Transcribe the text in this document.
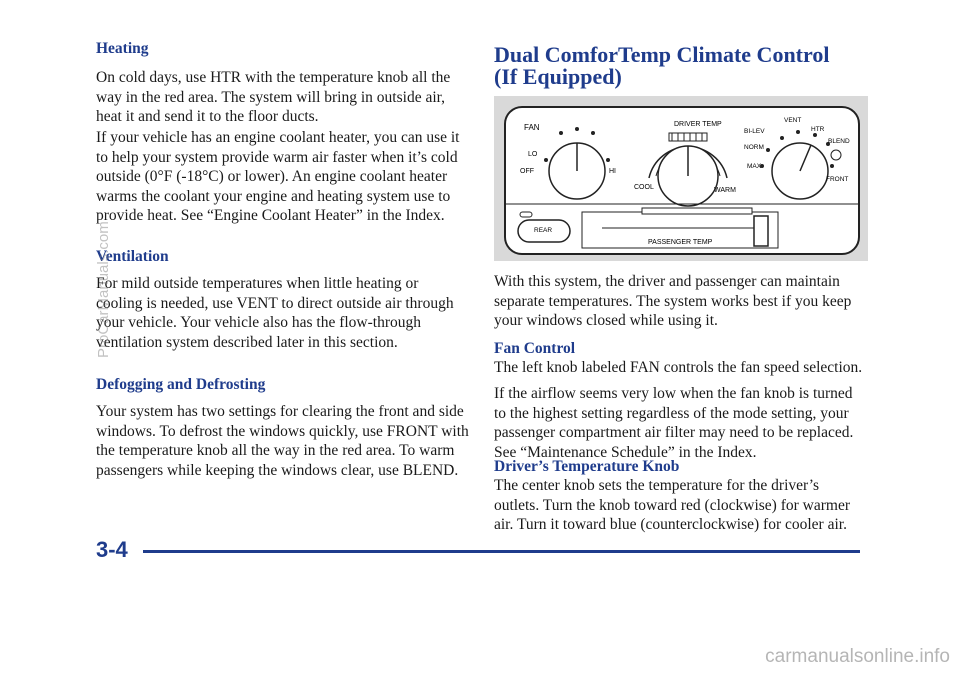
Heating

On cold days, use HTR with the temperature knob all the way in the red area. The system will bring in outside air, heat it and send it to the floor ducts.

If your vehicle has an engine coolant heater, you can use it to help your system provide warm air faster when it’s cold outside (0°F (-18°C) or lower). An engine coolant heater warms the coolant your engine and heating system use to provide heat. See “Engine Coolant Heater” in the Index.

Ventilation

For mild outside temperatures when little heating or cooling is needed, use VENT to direct outside air through your vehicle. Your vehicle also has the flow-through ventilation system described later in this section.

Defogging and Defrosting

Your system has two settings for clearing the front and side windows. To defrost the windows quickly, use FRONT with the temperature knob all the way in the red area. To warm passengers while keeping the windows clear, use BLEND.

Dual ComforTemp Climate Control
(If Equipped)
FAN
LO
OFF	HI
DRIVER TEMP
COOL	WARM
BI-LEV
VENT
HTR
NORM
BLEND
MAX
FRONT
REAR
PASSENGER TEMP

With this system, the driver and passenger can maintain separate temperatures. The system works best if you keep your windows closed while using it.

Fan Control

The left knob labeled FAN controls the fan speed selection.

If the airflow seems very low when the fan knob is turned to the highest setting regardless of the mode setting, your passenger compartment air filter may need to be replaced. See “Maintenance Schedule” in the Index.

Driver’s Temperature Knob

The center knob sets the temperature for the driver’s outlets. Turn the knob toward red (clockwise) for warmer air. Turn it toward blue (counterclockwise) for cooler air.

3-4
ProCarManuals.com
carmanualsonline.info
